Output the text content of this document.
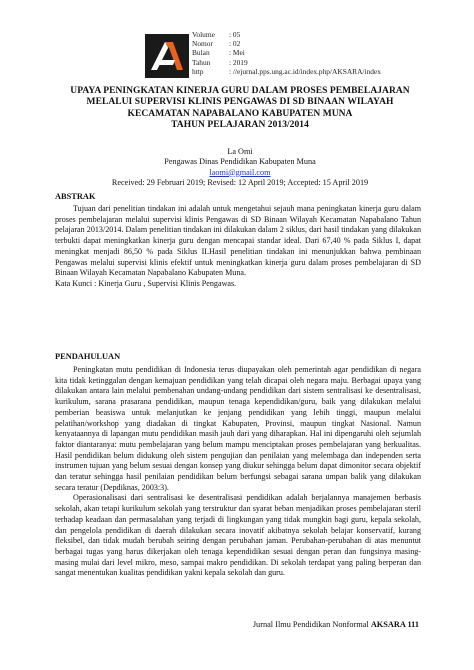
Volume	: 05
Nomor	: 02
Bulan	: Mei
Tahun	: 2019
http	: //ejurnal.pps.ung.ac.id/index.php/AKSARA/index
UPAYA PENINGKATAN KINERJA GURU DALAM PROSES PEMBELAJARAN
MELALUI SUPERVISI KLINIS PENGAWAS DI SD BINAAN WILAYAH
KECAMATAN NAPABALANO KABUPATEN MUNA
TAHUN PELAJARAN 2013/2014
La Omi
Pengawas Dinas Pendidikan Kabupaten Muna
laomi@gmail.com
Received: 29 Februari 2019; Revised: 12 April 2019; Accepted: 15 April 2019
ABSTRAK

Tujuan dari penelitian tindakan ini adalah untuk mengetahui sejauh mana peningkatan kinerja guru dalam proses pembelajaran melalui supervisi klinis Pengawas di SD Binaan Wilayah Kecamatan Napabalano Tahun pelajaran 2013/2014. Dalam penelitian tindakan ini dilakukan dalam 2 siklus, dari hasil tindakan yang dilakukan terbukti dapat meningkatkan kinerja guru dengan mencapai standar ideal. Dari 67,40 % pada Siklus I, dapat meningkat menjadi 86,50 % pada Siklus II.Hasil penelitian tindakan ini menunjukkan bahwa pembinaan Pengawas melalui supervisi klinis efektif untuk meningkatkan kinerja guru dalam proses pembelajaran di SD Binaan Wilayah Kecamatan Napabalano Kabupaten Muna.

Kata Kunci : Kinerja Guru , Supervisi Klinis Pengawas.

PENDAHULUAN

Peningkatan mutu pendidikan di Indonesia terus diupayakan oleh pemerintah agar pendidikan di negara kita tidak ketinggalan dengan kemajuan pendidikan yang telah dicapai oleh negara maju. Berbagai upaya yang dilakukan antara lain melalui pembenahan undang-undang pendidikan dari sistem sentralisasi ke desentralisasi, kurikulum, sarana prasarana pendidikan, maupun tenaga kependidikan/guru, baik yang dilakukan melalui pemberian beasiswa untuk melanjutkan ke jenjang pendidikan yang lebih tinggi, maupun melalui pelatihan/workshop yang diadakan di tingkat Kabupaten, Provinsi, maupun tingkat Nasional. Namun kenyataannya di lapangan mutu pendidikan masih jauh dari yang diharapkan. Hal ini dipengaruhi oleh sejumlah faktor diantaranya: mutu pembelajaran yang belum mampu menciptakan proses pembelajaran yang berkualitas. Hasil pendidikan belum didukung oleh sistem pengujian dan penilaian yang melembaga dan independen serta instrumen tujuan yang belum sesuai dengan konsep yang diukur sehingga belum dapat dimonitor secara objektif dan teratur sehingga hasil penilaian pendidikan belum berfungsi sebagai sarana umpan balik yang dilakukan secara teratur (Depdiknas, 2003:3).

Operasionalisasi dari sentralisasi ke desentralisasi pendidikan adalah berjalannya manajemen berbasis sekolah, akan tetapi kurikulum sekolah yang terstruktur dan syarat beban menjadikan proses pembelajaran steril terhadap keadaan dan permasalahan yang terjadi di lingkungan yang tidak mungkin bagi guru, kepala sekolah, dan pengelola pendidikan di daerah dilakukan secara inovatif akibatnya sekolah belajar konservatif, kurang fleksibel, dan tidak mudah berubah seiring dengan perubahan jaman. Perubahan-perubahan di atas menuntut berbagai tugas yang harus dikerjakan oleh tenaga kependidikan sesuai dengan peran dan fungsinya masing-masing mulai dari level mikro, meso, sampai makro pendidikan. Di sekolah terdapat yang paling berperan dan sangat menentukan kualitas pendidikan yakni kepala sekolah dan guru.

Jurnal Ilmu Pendidikan Nonformal AKSARA 111
